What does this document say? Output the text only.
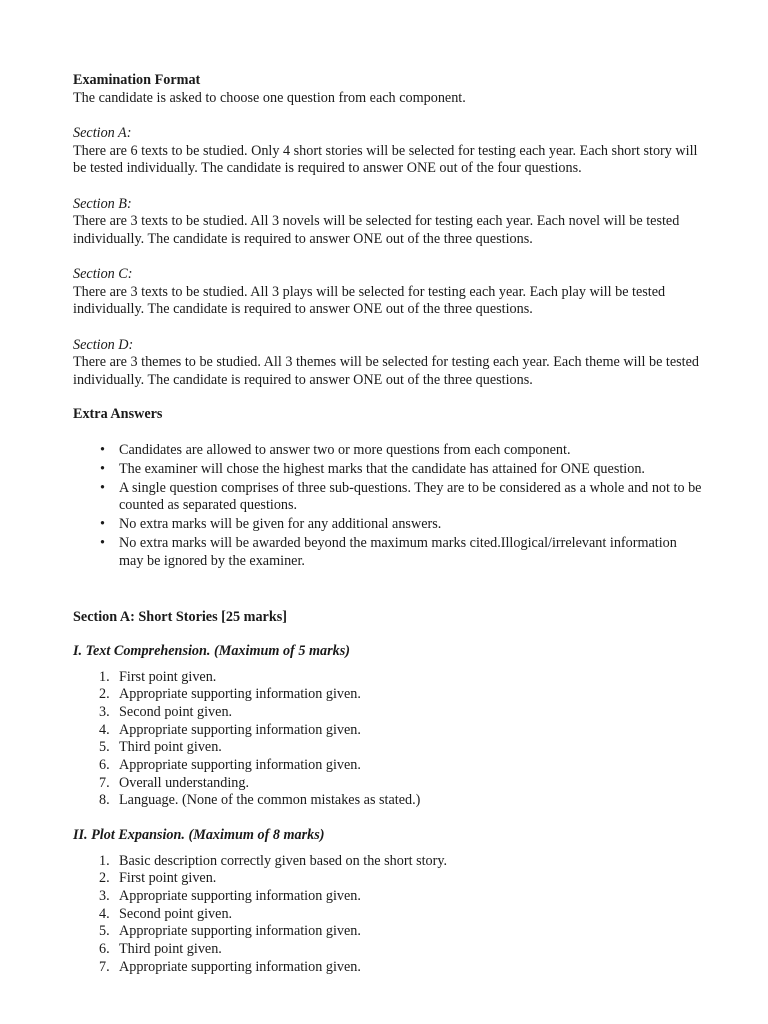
Examination Format

The candidate is asked to choose one question from each component.

Section A:

There are 6 texts to be studied. Only 4 short stories will be selected for testing each year. Each short story will be tested individually. The candidate is required to answer ONE out of the four questions.

Section B:

There are 3 texts to be studied. All 3 novels will be selected for testing each year. Each novel will be tested individually. The candidate is required to answer ONE out of the three questions.

Section C:

There are 3 texts to be studied. All 3 plays will be selected for testing each year. Each play will be tested individually. The candidate is required to answer ONE out of the three questions.

Section D:

There are 3 themes to be studied. All 3 themes will be selected for testing each year. Each theme will be tested individually. The candidate is required to answer ONE out of the three questions.

Extra Answers

• Candidates are allowed to answer two or more questions from each component.
• The examiner will chose the highest marks that the candidate has attained for ONE question.
• A single question comprises of three sub-questions. They are to be considered as a whole and not to be counted as separated questions.
• No extra marks will be given for any additional answers.
• No extra marks will be awarded beyond the maximum marks cited.Illogical/irrelevant information may be ignored by the examiner.

Section A: Short Stories [25 marks]

I. Text Comprehension. (Maximum of 5 marks)

1. First point given.
2. Appropriate supporting information given.
3. Second point given.
4. Appropriate supporting information given.
5. Third point given.
6. Appropriate supporting information given.
7. Overall understanding.
8. Language. (None of the common mistakes as stated.)

II. Plot Expansion. (Maximum of 8 marks)

1. Basic description correctly given based on the short story.
2. First point given.
3. Appropriate supporting information given.
4. Second point given.
5. Appropriate supporting information given.
6. Third point given.
7. Appropriate supporting information given.
